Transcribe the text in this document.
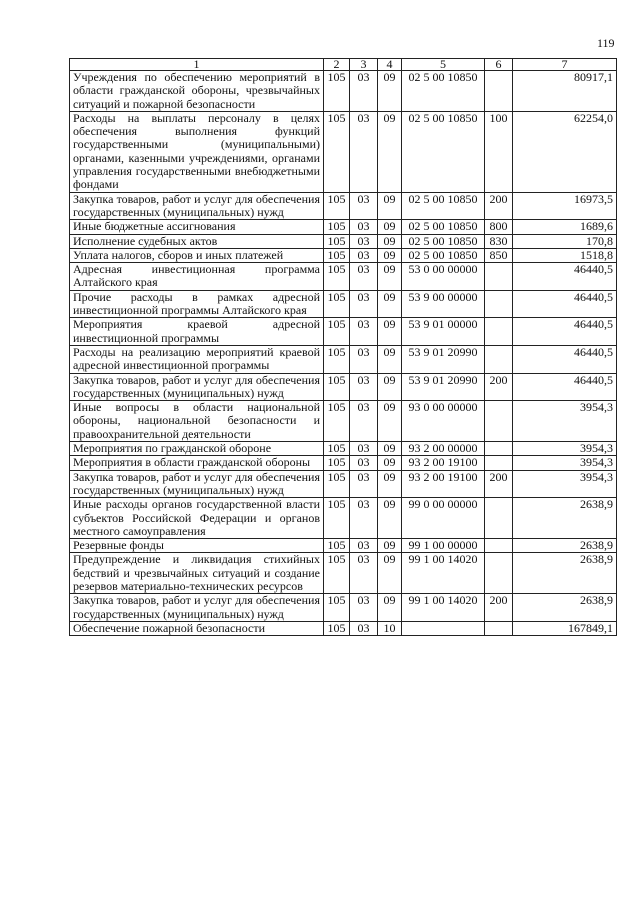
119
1	2	3	4	5	6	7
Учреждения по обеспечению мероприятий в области гражданской обороны, чрезвычайных ситуаций и пожарной безопасности	105	03	09	02 5 00 10850		80917,1
Расходы на выплаты персоналу в целях обеспечения выполнения функций государственными (муниципальными) органами, казенными учреждениями, органами управления государственными внебюджетными фондами	105	03	09	02 5 00 10850	100	62254,0
Закупка товаров, работ и услуг для обеспечения государственных (муниципальных) нужд	105	03	09	02 5 00 10850	200	16973,5
Иные бюджетные ассигнования	105	03	09	02 5 00 10850	800	1689,6
Исполнение судебных актов	105	03	09	02 5 00 10850	830	170,8
Уплата налогов, сборов и иных платежей	105	03	09	02 5 00 10850	850	1518,8
Адресная инвестиционная программа Алтайского края	105	03	09	53 0 00 00000		46440,5
Прочие расходы в рамках адресной инвестиционной программы Алтайского края	105	03	09	53 9 00 00000		46440,5
Мероприятия краевой адресной инвестиционной программы	105	03	09	53 9 01 00000		46440,5
Расходы на реализацию мероприятий краевой адресной инвестиционной программы	105	03	09	53 9 01 20990		46440,5
Закупка товаров, работ и услуг для обеспечения государственных (муниципальных) нужд	105	03	09	53 9 01 20990	200	46440,5
Иные вопросы в области национальной обороны, национальной безопасности и правоохранительной деятельности	105	03	09	93 0 00 00000		3954,3
Мероприятия по гражданской обороне	105	03	09	93 2 00 00000		3954,3
Мероприятия в области гражданской обороны	105	03	09	93 2 00 19100		3954,3
Закупка товаров, работ и услуг для обеспечения государственных (муниципальных) нужд	105	03	09	93 2 00 19100	200	3954,3
Иные расходы органов государственной власти субъектов Российской Федерации и органов местного самоуправления	105	03	09	99 0 00 00000		2638,9
Резервные фонды	105	03	09	99 1 00 00000		2638,9
Предупреждение и ликвидация стихийных бедствий и чрезвычайных ситуаций и создание резервов материально-технических ресурсов	105	03	09	99 1 00 14020		2638,9
Закупка товаров, работ и услуг для обеспечения государственных (муниципальных) нужд	105	03	09	99 1 00 14020	200	2638,9
Обеспечение пожарной безопасности	105	03	10			167849,1
